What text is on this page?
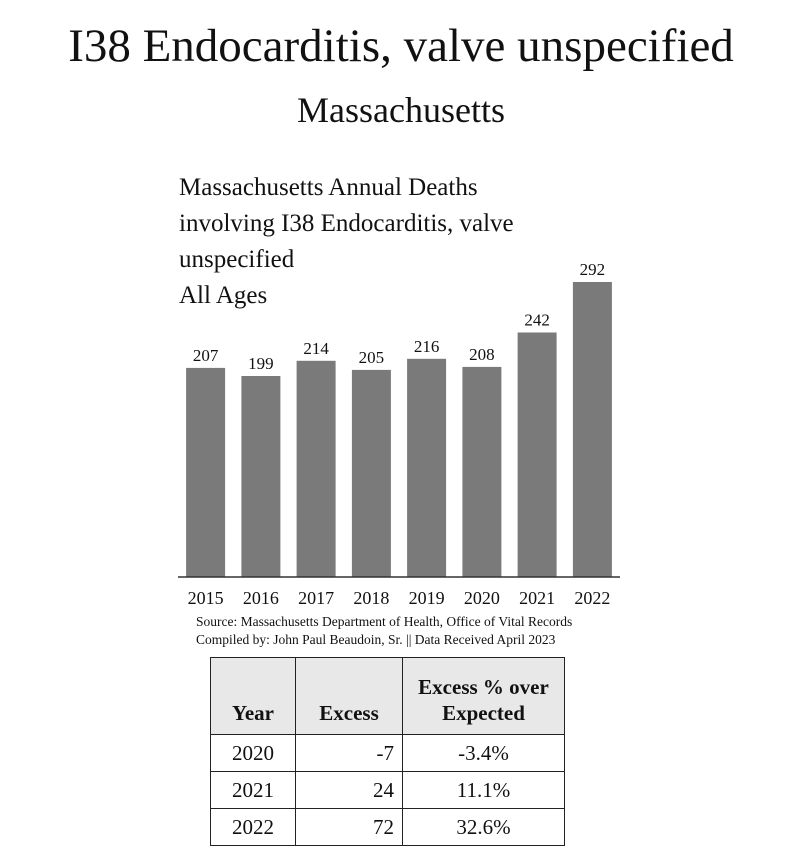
I38 Endocarditis, valve unspecified
Massachusetts
Massachusetts Annual Deaths
involving I38 Endocarditis, valve
unspecified
All Ages
207
2015
199
2016
214
2017
205
2018
216
2019
208
2020
242
2021
292
2022
Source: Massachusetts Department of Health, Office of Vital Records
Compiled by: John Paul Beaudoin, Sr. || Data Received April 2023
Year	Excess	Excess % over Expected
2020	-7	-3.4%
2021	24	11.1%
2022	72	32.6%
